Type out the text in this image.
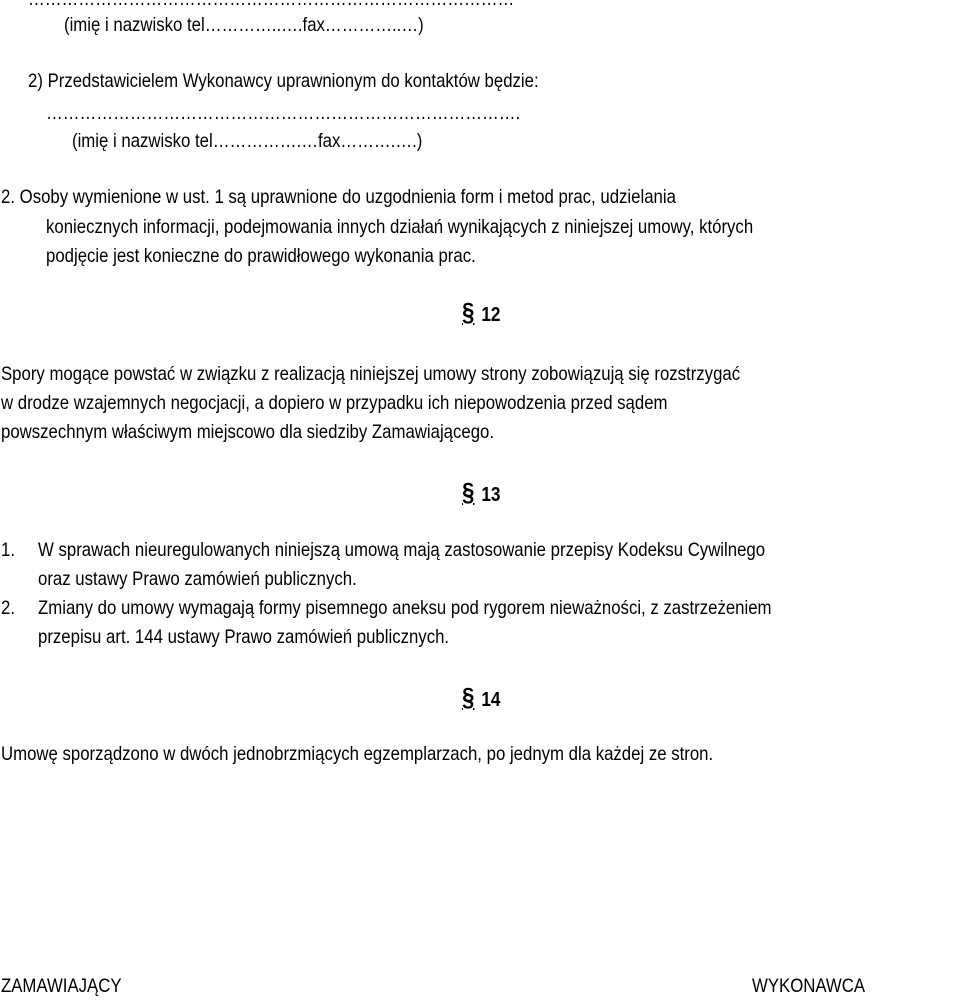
(imię i nazwisko tel…………..….fax…………..…)
2) Przedstawicielem Wykonawcy uprawnionym do kontaktów będzie:
………………………………………………………………………….
(imię i nazwisko tel…………….…fax……….….)
2. Osoby wymienione w ust. 1 są uprawnione do uzgodnienia form i metod prac, udzielania
koniecznych informacji, podejmowania innych działań wynikających z niniejszej umowy, których
podjęcie jest konieczne do prawidłowego wykonania prac.
§ 12
Spory mogące powstać w związku z realizacją niniejszej umowy strony zobowiązują się rozstrzygać
w drodze wzajemnych negocjacji, a dopiero w przypadku ich niepowodzenia przed sądem
powszechnym właściwym miejscowo dla siedziby Zamawiającego.
§ 13
1. W sprawach nieuregulowanych niniejszą umową mają zastosowanie przepisy Kodeksu Cywilnego
oraz ustawy Prawo zamówień publicznych.
2. Zmiany do umowy wymagają formy pisemnego aneksu pod rygorem nieważności, z zastrzeżeniem
przepisu art. 144 ustawy Prawo zamówień publicznych.
§ 14
Umowę sporządzono w dwóch jednobrzmiących egzemplarzach, po jednym dla każdej ze stron.
ZAMAWIAJĄCY	WYKONAWCA
